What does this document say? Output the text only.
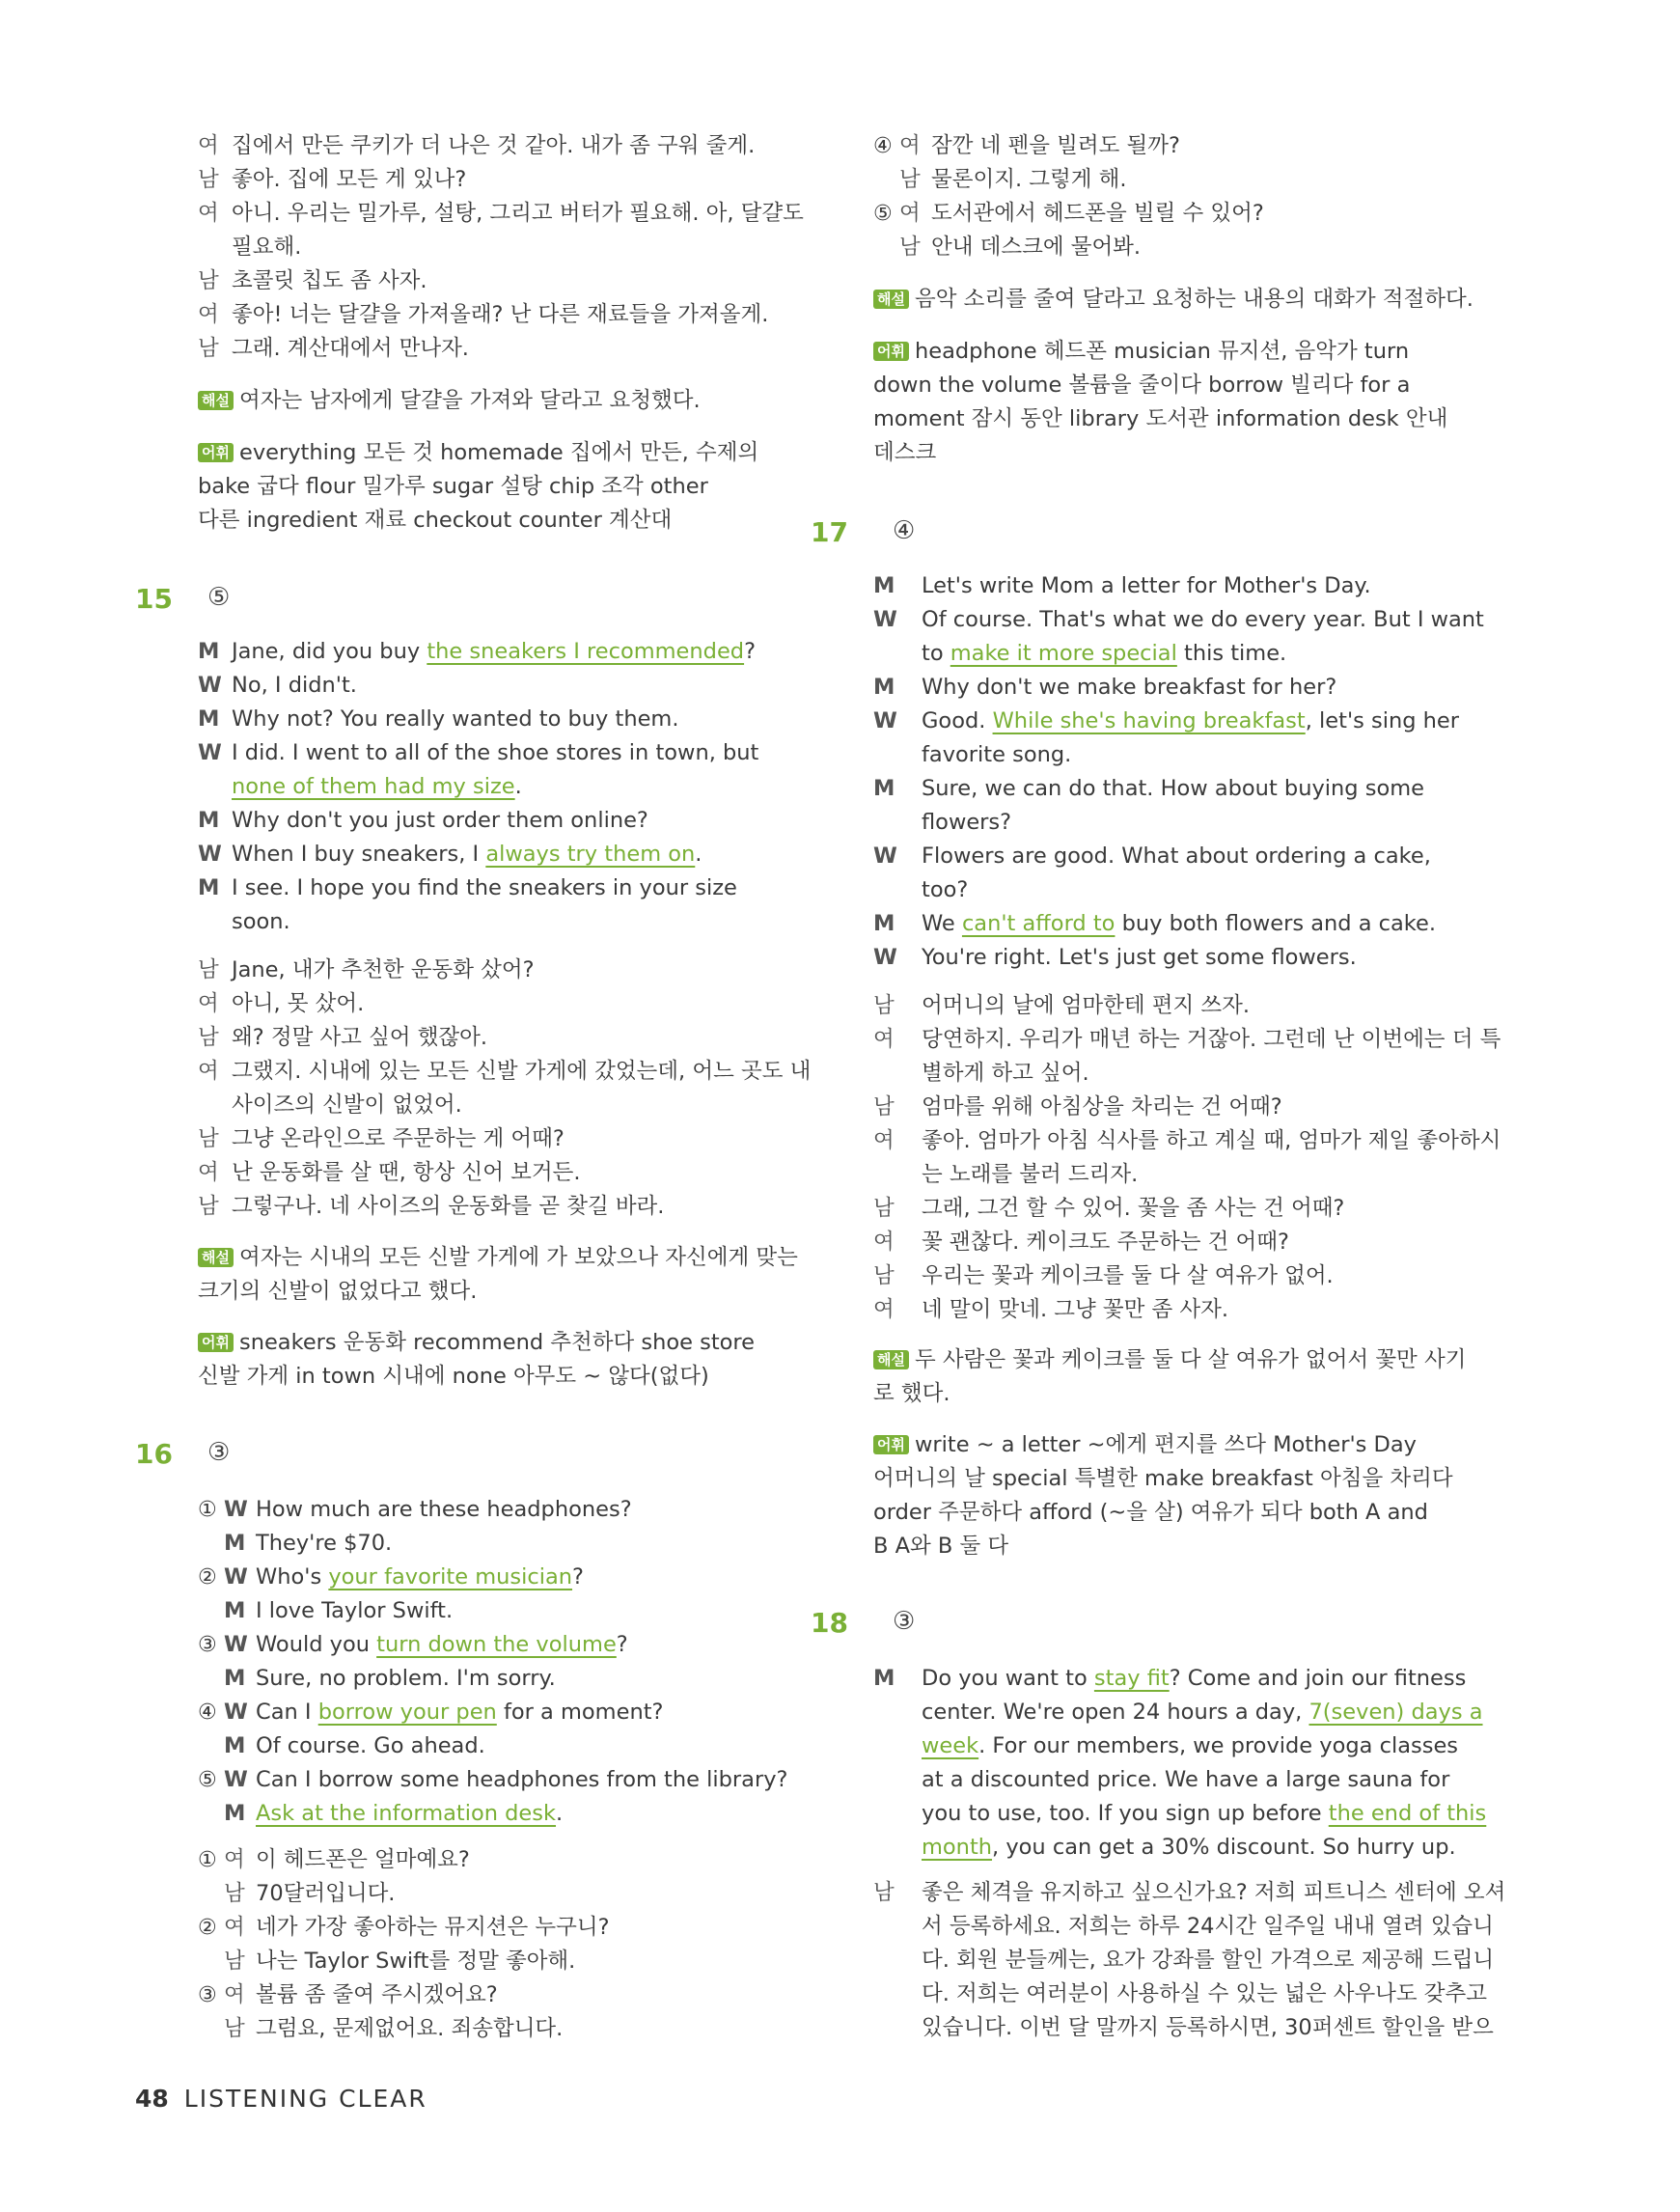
여 집에서 만든 쿠키가 더 나은 것 같아. 내가 좀 구워 줄게.
남 좋아. 집에 모든 게 있나?
여 아니. 우리는 밀가루, 설탕, 그리고 버터가 필요해. 아, 달걀도
필요해.
남 초콜릿 칩도 좀 사자.
여 좋아! 너는 달걀을 가져올래? 난 다른 재료들을 가져올게.
남 그래. 계산대에서 만나자.
해설 여자는 남자에게 달걀을 가져와 달라고 요청했다.
어휘 everything 모든 것 homemade 집에서 만든, 수제의
bake 굽다 flour 밀가루 sugar 설탕 chip 조각 other
다른 ingredient 재료 checkout counter 계산대
15 ⑤
M Jane, did you buy the sneakers I recommended?
W No, I didn't.
M Why not? You really wanted to buy them.
W I did. I went to all of the shoe stores in town, but
none of them had my size.
M Why don't you just order them online?
W When I buy sneakers, I always try them on.
M I see. I hope you find the sneakers in your size
soon.
남 Jane, 내가 추천한 운동화 샀어?
여 아니, 못 샀어.
남 왜? 정말 사고 싶어 했잖아.
여 그랬지. 시내에 있는 모든 신발 가게에 갔었는데, 어느 곳도 내
사이즈의 신발이 없었어.
남 그냥 온라인으로 주문하는 게 어때?
여 난 운동화를 살 땐, 항상 신어 보거든.
남 그렇구나. 네 사이즈의 운동화를 곧 찾길 바라.
해설 여자는 시내의 모든 신발 가게에 가 보았으나 자신에게 맞는
크기의 신발이 없었다고 했다.
어휘 sneakers 운동화 recommend 추천하다 shoe store
신발 가게 in town 시내에 none 아무도 ~ 않다(없다)
16 ③
① W How much are these headphones?
M They're $70.
② W Who's your favorite musician?
M I love Taylor Swift.
③ W Would you turn down the volume?
M Sure, no problem. I'm sorry.
④ W Can I borrow your pen for a moment?
M Of course. Go ahead.
⑤ W Can I borrow some headphones from the library?
M Ask at the information desk.
① 여 이 헤드폰은 얼마예요?
남 70달러입니다.
② 여 네가 가장 좋아하는 뮤지션은 누구니?
남 나는 Taylor Swift를 정말 좋아해.
③ 여 볼륨 좀 줄여 주시겠어요?
남 그럼요, 문제없어요. 죄송합니다.
④ 여 잠깐 네 펜을 빌려도 될까?
남 물론이지. 그렇게 해.
⑤ 여 도서관에서 헤드폰을 빌릴 수 있어?
남 안내 데스크에 물어봐.
해설 음악 소리를 줄여 달라고 요청하는 내용의 대화가 적절하다.
어휘 headphone 헤드폰 musician 뮤지션, 음악가 turn
down the volume 볼륨을 줄이다 borrow 빌리다 for a
moment 잠시 동안 library 도서관 information desk 안내
데스크
17 ④
M	Let's write Mom a letter for Mother's Day.
W	Of course. That's what we do every year. But I want
to make it more special this time.
M	Why don't we make breakfast for her?
W	Good. While she's having breakfast, let's sing her
favorite song.
M	Sure, we can do that. How about buying some
flowers?
W	Flowers are good. What about ordering a cake,
too?
M	We can't afford to buy both flowers and a cake.
W	You're right. Let's just get some flowers.
남	어머니의 날에 엄마한테 편지 쓰자.
여	당연하지. 우리가 매년 하는 거잖아. 그런데 난 이번에는 더 특
별하게 하고 싶어.
남	엄마를 위해 아침상을 차리는 건 어때?
여	좋아. 엄마가 아침 식사를 하고 계실 때, 엄마가 제일 좋아하시
는 노래를 불러 드리자.
남	그래, 그건 할 수 있어. 꽃을 좀 사는 건 어때?
여	꽃 괜찮다. 케이크도 주문하는 건 어때?
남	우리는 꽃과 케이크를 둘 다 살 여유가 없어.
여	네 말이 맞네. 그냥 꽃만 좀 사자.
해설 두 사람은 꽃과 케이크를 둘 다 살 여유가 없어서 꽃만 사기
로 했다.
어휘 write ~ a letter ~에게 편지를 쓰다 Mother's Day
어머니의 날 special 특별한 make breakfast 아침을 차리다
order 주문하다 afford (~을 살) 여유가 되다 both A and
B A와 B 둘 다
18 ③
M	Do you want to stay fit? Come and join our fitness
center. We're open 24 hours a day, 7(seven) days a
week. For our members, we provide yoga classes
at a discounted price. We have a large sauna for
you to use, too. If you sign up before the end of this
month, you can get a 30% discount. So hurry up.
남	좋은 체격을 유지하고 싶으신가요? 저희 피트니스 센터에 오셔
서 등록하세요. 저희는 하루 24시간 일주일 내내 열려 있습니
다. 회원 분들께는, 요가 강좌를 할인 가격으로 제공해 드립니
다. 저희는 여러분이 사용하실 수 있는 넓은 사우나도 갖추고
있습니다. 이번 달 말까지 등록하시면, 30퍼센트 할인을 받으
48 LISTENING CLEAR
